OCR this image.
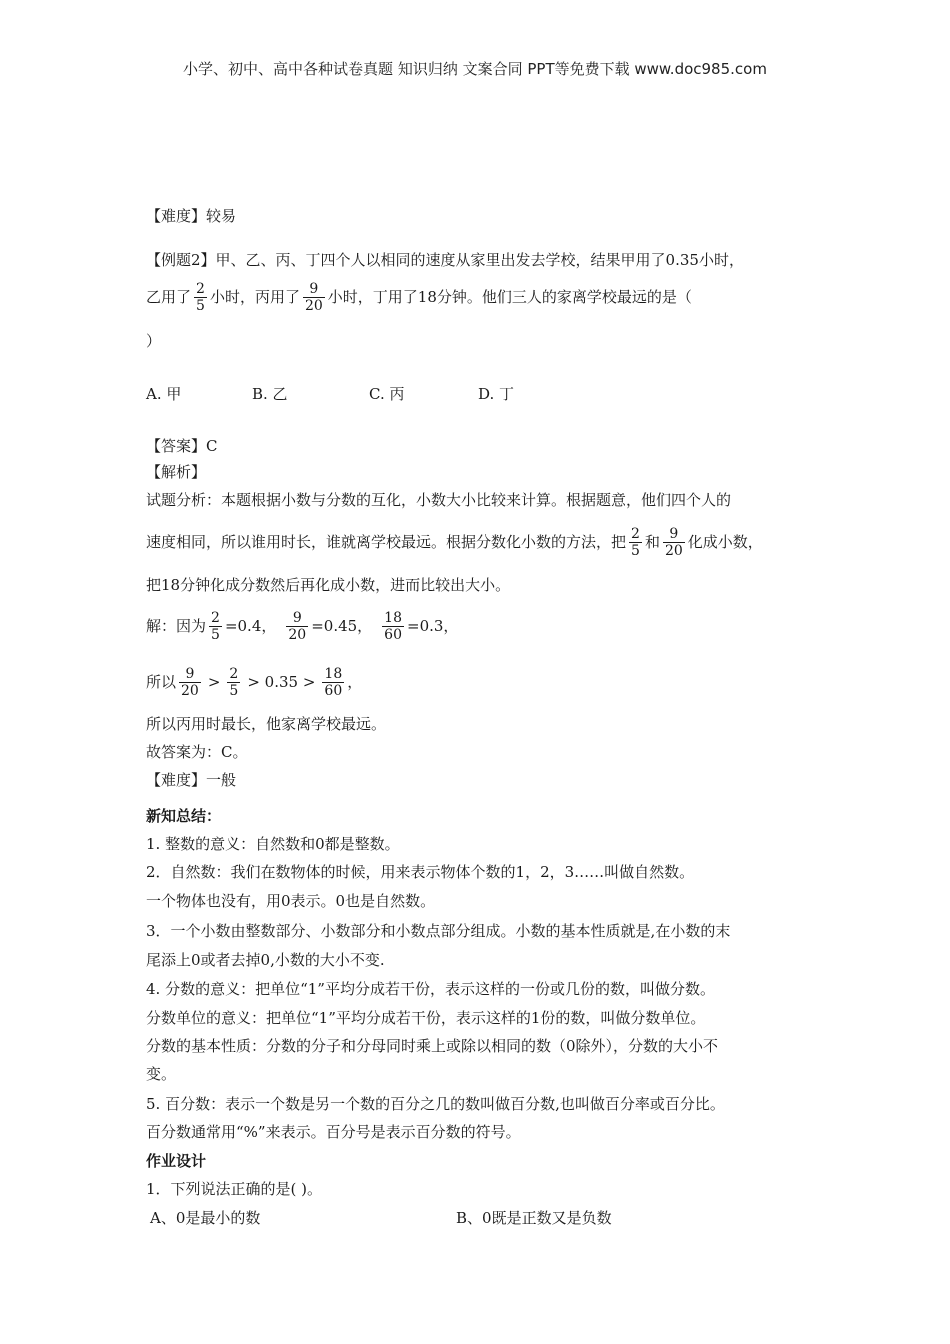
小学、初中、高中各种试卷真题 知识归纳 文案合同 PPT等免费下载 www.doc985.com
【难度】较易
【例题2】甲、乙、丙、丁四个人以相同的速度从家里出发去学校，结果甲用了0.35小时，
乙用了 $\frac{2}{5}$ 小时，丙用了 $\frac{9}{20}$ 小时，丁用了18分钟。他们三人的家离学校最远的是（
）
A. 甲	B. 乙	C. 丙	D. 丁
【答案】C
【解析】
试题分析：本题根据小数与分数的互化，小数大小比较来计算。根据题意，他们四个人的
速度相同，所以谁用时长，谁就离学校最远。根据分数化小数的方法，把 $\frac{2}{5}$ 和 $\frac{9}{20}$ 化成小数，
把18分钟化成分数然后再化成小数，进而比较出大小。
解：因为 $\frac{2}{5} =0.4$， $\frac{9}{20} =0.45$， $\frac{18}{60} =0.3$，
所以 $\frac{9}{20} > \frac{2}{5} > 0.35 > \frac{18}{60}$ ，
所以丙用时最长，他家离学校最远。
故答案为：C。
【难度】一般
新知总结：
1. 整数的意义：自然数和0都是整数。
2．自然数：我们在数物体的时候，用来表示物体个数的1，2，3……叫做自然数。
一个物体也没有，用0表示。0也是自然数。
3．一个小数由整数部分、小数部分和小数点部分组成。小数的基本性质就是,在小数的末
尾添上0或者去掉0,小数的大小不变.
4. 分数的意义：把单位“1”平均分成若干份，表示这样的一份或几份的数，叫做分数。
分数单位的意义：把单位“1”平均分成若干份，表示这样的1份的数，叫做分数单位。
分数的基本性质：分数的分子和分母同时乘上或除以相同的数（0除外），分数的大小不
变。
5. 百分数：表示一个数是另一个数的百分之几的数叫做百分数,也叫做百分率或百分比。
百分数通常用“%”来表示。百分号是表示百分数的符号。
作业设计
1．下列说法正确的是( )。
A、0是最小的数	B、0既是正数又是负数
